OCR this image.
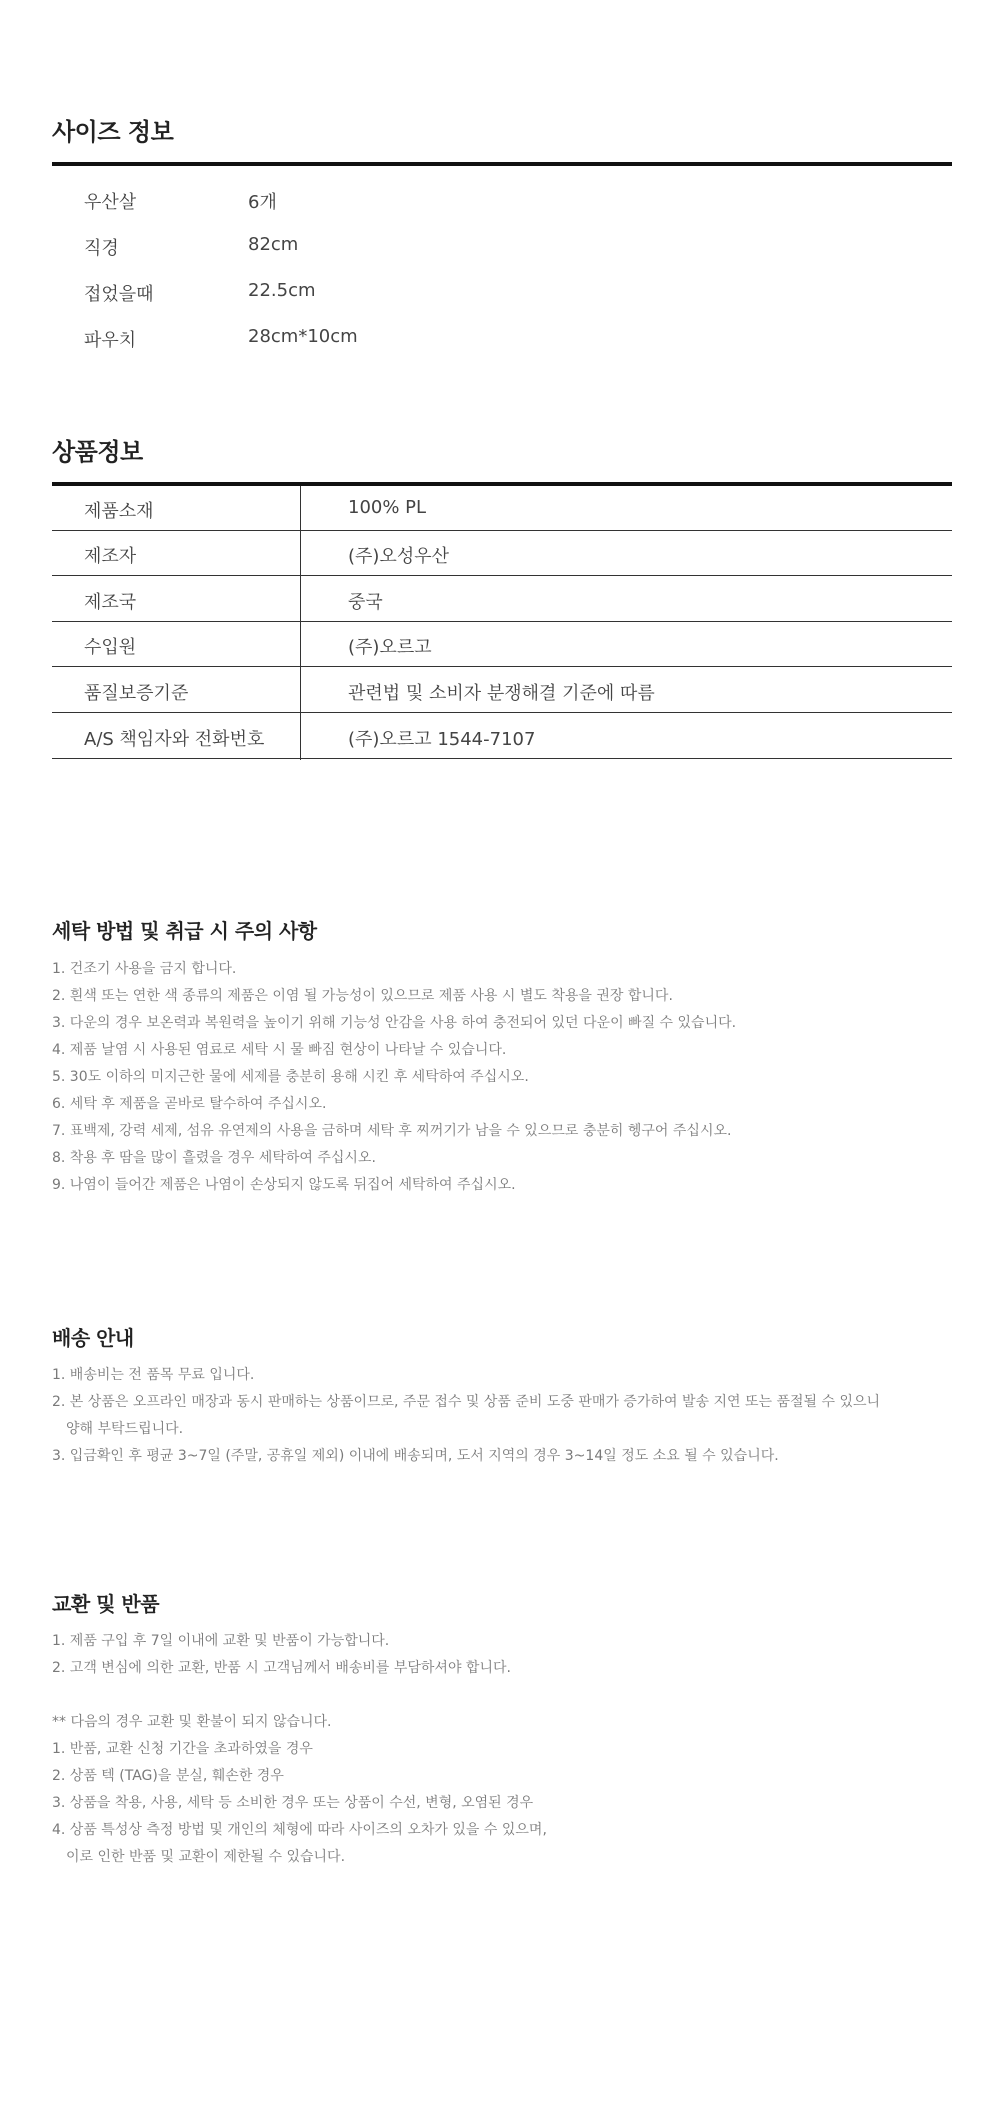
사이즈 정보
우산살	6개
직경	82cm
접었을때	22.5cm
파우치	28cm*10cm
상품정보
제품소재	100% PL
제조자	(주)오성우산
제조국	중국
수입원	(주)오르고
품질보증기준	관련법 및 소비자 분쟁해결 기준에 따름
A/S 책임자와 전화번호	(주)오르고 1544-7107
세탁 방법 및 취급 시 주의 사항
1. 건조기 사용을 금지 합니다.
2. 흰색 또는 연한 색 종류의 제품은 이염 될 가능성이 있으므로 제품 사용 시 별도 착용을 권장 합니다.
3. 다운의 경우 보온력과 복원력을 높이기 위해 기능성 안감을 사용 하여 충전되어 있던 다운이 빠질 수 있습니다.
4. 제품 날염 시 사용된 염료로 세탁 시 물 빠짐 현상이 나타날 수 있습니다.
5. 30도 이하의 미지근한 물에 세제를 충분히 용해 시킨 후 세탁하여 주십시오.
6. 세탁 후 제품을 곧바로 탈수하여 주십시오.
7. 표백제, 강력 세제, 섬유 유연제의 사용을 금하며 세탁 후 찌꺼기가 남을 수 있으므로 충분히 헹구어 주십시오.
8. 착용 후 땀을 많이 흘렸을 경우 세탁하여 주십시오.
9. 나염이 들어간 제품은 나염이 손상되지 않도록 뒤집어 세탁하여 주십시오.
배송 안내
1. 배송비는 전 품목 무료 입니다.
2. 본 상품은 오프라인 매장과 동시 판매하는 상품이므로, 주문 접수 및 상품 준비 도중 판매가 증가하여 발송 지연 또는 품절될 수 있으니
양해 부탁드립니다.
3. 입금확인 후 평균 3~7일 (주말, 공휴일 제외) 이내에 배송되며, 도서 지역의 경우 3~14일 정도 소요 될 수 있습니다.
교환 및 반품
1. 제품 구입 후 7일 이내에 교환 및 반품이 가능합니다.
2. 고객 변심에 의한 교환, 반품 시 고객님께서 배송비를 부담하셔야 합니다.
** 다음의 경우 교환 및 환불이 되지 않습니다.
1. 반품, 교환 신청 기간을 초과하였을 경우
2. 상품 텍 (TAG)을 분실, 훼손한 경우
3. 상품을 착용, 사용, 세탁 등 소비한 경우 또는 상품이 수선, 변형, 오염된 경우
4. 상품 특성상 측정 방법 및 개인의 체형에 따라 사이즈의 오차가 있을 수 있으며,
이로 인한 반품 및 교환이 제한될 수 있습니다.
